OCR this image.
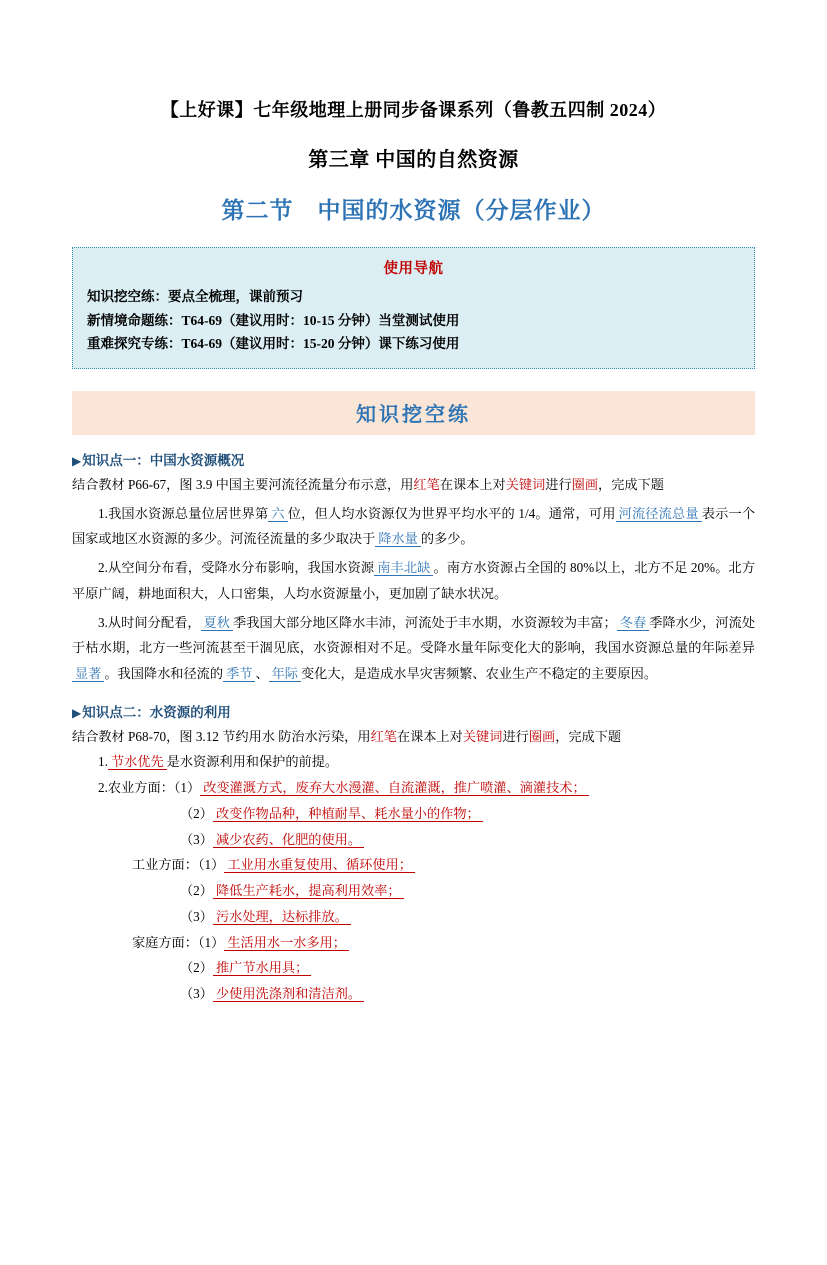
【上好课】七年级地理上册同步备课系列（鲁教五四制 2024）
第三章 中国的自然资源
第二节　中国的水资源（分层作业）
使用导航
知识挖空练：要点全梳理，课前预习
新情境命题练：T64-69（建议用时：10-15 分钟）当堂测试使用
重难探究专练：T64-69（建议用时：15-20 分钟）课下练习使用
知识挖空练
▶知识点一：中国水资源概况
结合教材 P66-67，图 3.9 中国主要河流径流量分布示意，用红笔在课本上对关键词进行圈画，完成下题
1.我国水资源总量位居世界第 六 位，但人均水资源仅为世界平均水平的 1/4。通常，可用 河流径流总量 表示一个国家或地区水资源的多少。河流径流量的多少取决于 降水量 的多少。
2.从空间分布看，受降水分布影响，我国水资源 南丰北缺 。南方水资源占全国的 80%以上，北方不足 20%。北方平原广阔，耕地面积大，人口密集，人均水资源量小，更加剧了缺水状况。
3.从时间分配看， 夏秋 季我国大部分地区降水丰沛，河流处于丰水期，水资源较为丰富； 冬春 季降水少，河流处于枯水期，北方一些河流甚至干涸见底，水资源相对不足。受降水量年际变化大的影响，我国水资源总量的年际差异显著 。我国降水和径流的 季节 、 年际 变化大，是造成水旱灾害频繁、农业生产不稳定的主要原因。
▶知识点二：水资源的利用
结合教材 P68-70，图 3.12 节约用水 防治水污染，用红笔在课本上对关键词进行圈画，完成下题
1. 节水优先 是水资源利用和保护的前提。
2.农业方面：（1） 改变灌溉方式，废弃大水漫灌、自流灌溉，推广喷灌、滴灌技术；
（2） 改变作物品种，种植耐旱、耗水量小的作物；
（3） 减少农药、化肥的使用。
工业方面：（1） 工业用水重复使用、循环使用；
（2） 降低生产耗水，提高利用效率；
（3） 污水处理，达标排放。
家庭方面：（1） 生活用水一水多用；
（2） 推广节水用具；
（3） 少使用洗涤剂和清洁剂。
